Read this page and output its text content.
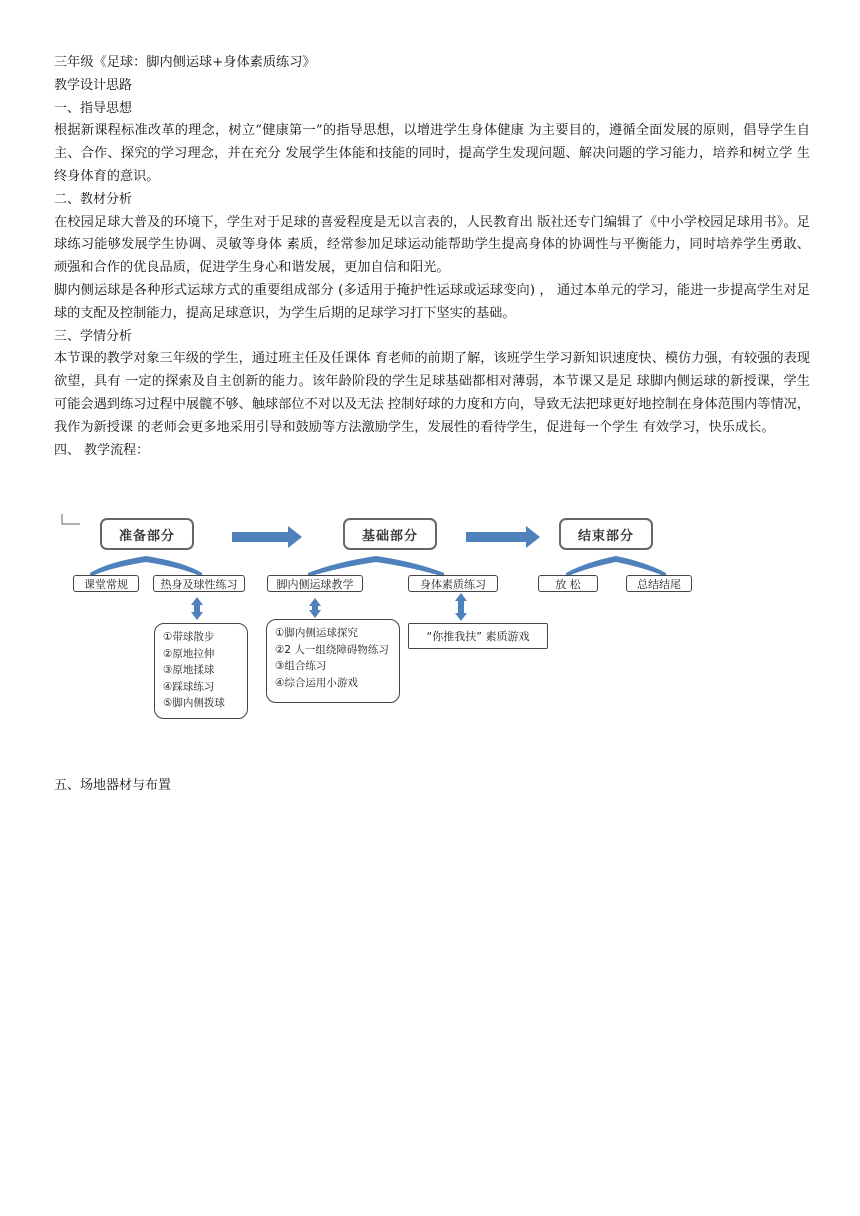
三年级《足球：脚内侧运球+身体素质练习》

教学设计思路

一、指导思想

根据新课程标准改革的理念，树立“健康第一”的指导思想，以增进学生身体健康 为主要目的，遵循全面发展的原则，倡导学生自主、合作、探究的学习理念，并在充分 发展学生体能和技能的同时，提高学生发现问题、解决问题的学习能力，培养和树立学 生终身体育的意识。

二、教材分析

在校园足球大普及的环境下，学生对于足球的喜爱程度是无以言表的，人民教育出 版社还专门编辑了《中小学校园足球用书》。足球练习能够发展学生协调、灵敏等身体 素质，经常参加足球运动能帮助学生提高身体的协调性与平衡能力，同时培养学生勇敢、 顽强和合作的优良品质，促进学生身心和谐发展，更加自信和阳光。

脚内侧运球是各种形式运球方式的重要组成部分 (多适用于掩护性运球或运球变向) ， 通过本单元的学习，能进一步提高学生对足球的支配及控制能力，提高足球意识，为学生后期的足球学习打下坚实的基础。

三、学情分析

本节课的教学对象三年级的学生，通过班主任及任课体 育老师的前期了解，该班学生学习新知识速度快、模仿力强，有较强的表现欲望，具有 一定的探索及自主创新的能力。该年龄阶段的学生足球基础都相对薄弱，本节课又是足 球脚内侧运球的新授课，学生可能会遇到练习过程中展髋不够、触球部位不对以及无法 控制好球的力度和方向，导致无法把球更好地控制在身体范围内等情况，我作为新授课 的老师会更多地采用引导和鼓励等方法激励学生，发展性的看待学生，促进每一个学生 有效学习，快乐成长。

四、 教学流程：

准备部分	基础部分	结束部分
课堂常规	热身及球性练习	脚内侧运球教学	身体素质练习	放 松	总结结尾
①带球散步
②原地拉伸
③原地揉球
④踩球练习
⑤脚内侧拨球
①脚内侧运球探究
②2 人一组绕障碍物练习
③组合练习
④综合运用小游戏
“你推我扶” 素质游戏
五、场地器材与布置
